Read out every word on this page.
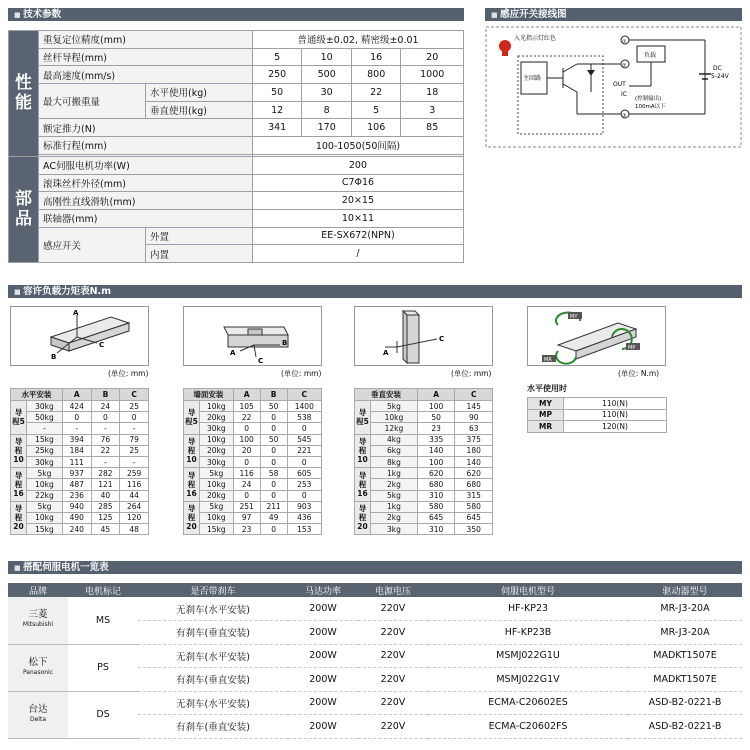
■ 技术参数	■ 感应开关接线图
■ 容许负载力矩表N.m
■ 搭配伺服电机一览表
性能	重复定位精度(mm)		普通级±0.02, 精密级±0.01			
	丝杆导程(mm)		5	10	16	20
	最高速度(mm/s)		250	500	800	1000
	最大可搬重量	水平使用(kg)	50	30	22	18
		垂直使用(kg)	12	8	5	3
	额定推力(N)		341	170	106	85
	标准行程(mm)		100-1050(50间隔)			

部品	AC伺服电机功率(W)		200			
	滚珠丝杆外径(mm)		C7Φ16			
	高刚性直线滑轨(mm)		20×15			
	联轴器(mm)		10×11			
	感应开关	外置	EE-SX672(NPN)			
		内置	/			
入光指示灯红色
主回路
①
②
③
OUT
IC
负载
(控制输出)
100mA以下
DC
5-24V
A
B
C
A
B
C
A
C
MY
MP
MR
(单位: mm)	(单位: mm)	(单位: mm)	(单位: N.m)
水平安装		A	B	C
导程5	30kg	424	24	25
	50kg	0	0	0
	-	-	-	-
导程10	15kg	394	76	79
	25kg	184	22	25
	30kg	111	-	-
导程16	5kg	937	282	259
	10kg	487	121	116
	22kg	236	40	44
导程20	5kg	940	285	264
	10kg	490	125	120
	15kg	240	45	48
墙面安装		A	B	C
导程5	10kg	105	50	1400
	20kg	22	0	538
	30kg	0	0	0
导程10	10kg	100	50	545
	20kg	20	0	221
	30kg	0	0	0
导程16	5kg	116	58	605
	10kg	24	0	253
	20kg	0	0	0
导程20	5kg	251	211	903
	10kg	97	49	436
	15kg	23	0	153
垂直安装		A	C
导程5	5kg	100	145
	10kg	50	90
	12kg	23	63
导程10	4kg	335	375
	6kg	140	180
	8kg	100	140
导程16	1kg	620	620
	2kg	680	680
	5kg	310	315
导程20	1kg	580	580
	2kg	645	645
	3kg	310	350
水平使用时
MY	110(N)
MP	110(N)
MR	120(N)
品牌	电机标记	是否带刹车	马达功率	电源电压	伺服电机型号	驱动器型号
三菱
Mitsubishi	MS	无刹车(水平安装)	200W	220V	HF-KP23	MR-J3-20A
		有刹车(垂直安装)	200W	220V	HF-KP23B	MR-J3-20A
松下
Panasonic	PS	无刹车(水平安装)	200W	220V	MSMJ022G1U	MADKT1507E
		有刹车(垂直安装)	200W	220V	MSMJ022G1V	MADKT1507E
台达
Delta	DS	无刹车(水平安装)	200W	220V	ECMA-C20602ES	ASD-B2-0221-B
		有刹车(垂直安装)	200W	220V	ECMA-C20602FS	ASD-B2-0221-B
